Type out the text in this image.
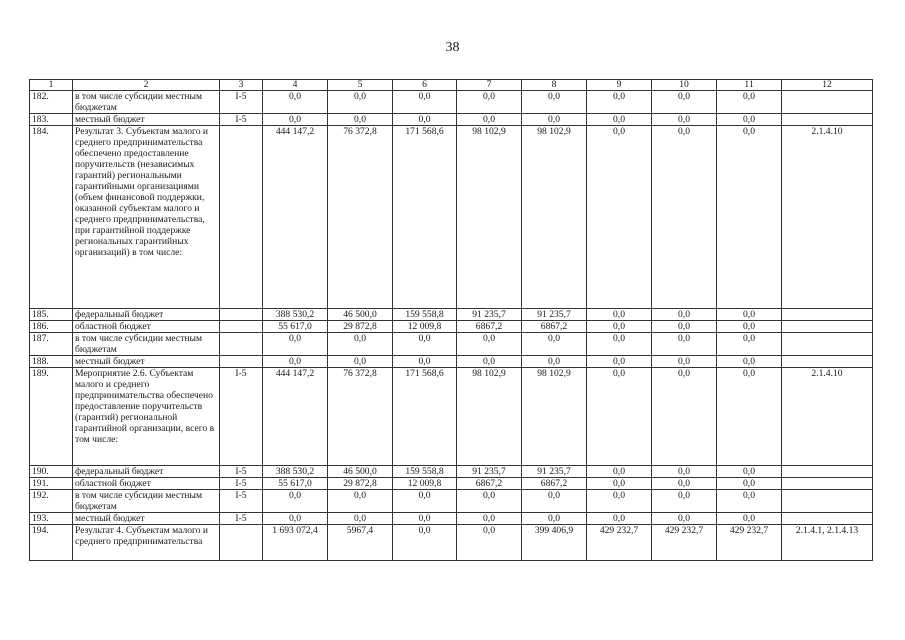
38
1	2	3	4	5	6	7	8	9	10	11	12
182.	в том числе субсидии местным бюджетам	I-5	0,0	0,0	0,0	0,0	0,0	0,0	0,0	0,0	
183.	местный бюджет	I-5	0,0	0,0	0,0	0,0	0,0	0,0	0,0	0,0	
184.	Результат 3. Субъектам малого и среднего предпринимательства обеспечено предоставление поручительств (независимых гарантий) региональными гарантийными организациями (объем финансовой поддержки, оказанной субъектам малого и среднего предпринимательства, при гарантийной поддержке региональных гарантийных организаций) в том числе:		444 147,2	76 372,8	171 568,6	98 102,9	98 102,9	0,0	0,0	0,0	2.1.4.10
185.	федеральный бюджет		388 530,2	46 500,0	159 558,8	91 235,7	91 235,7	0,0	0,0	0,0	
186.	областной бюджет		55 617,0	29 872,8	12 009,8	6867,2	6867,2	0,0	0,0	0,0	
187.	в том числе субсидии местным бюджетам		0,0	0,0	0,0	0,0	0,0	0,0	0,0	0,0	
188.	местный бюджет		0,0	0,0	0,0	0,0	0,0	0,0	0,0	0,0	
189.	Мероприятие 2.6. Субъектам малого и среднего предпринимательства обеспечено предоставление поручительств (гарантий) региональной гарантийной организации, всего в том числе:	I-5	444 147,2	76 372,8	171 568,6	98 102,9	98 102,9	0,0	0,0	0,0	2.1.4.10
190.	федеральный бюджет	I-5	388 530,2	46 500,0	159 558,8	91 235,7	91 235,7	0,0	0,0	0,0	
191.	областной бюджет	I-5	55 617,0	29 872,8	12 009,8	6867,2	6867,2	0,0	0,0	0,0	
192.	в том числе субсидии местным бюджетам	I-5	0,0	0,0	0,0	0,0	0,0	0,0	0,0	0,0	
193.	местный бюджет	I-5	0,0	0,0	0,0	0,0	0,0	0,0	0,0	0,0	
194.	Результат 4. Субъектам малого и среднего предпринимательства		1 693 072,4	5967,4	0,0	0,0	399 406,9	429 232,7	429 232,7	429 232,7	2.1.4.1, 2.1.4.13
